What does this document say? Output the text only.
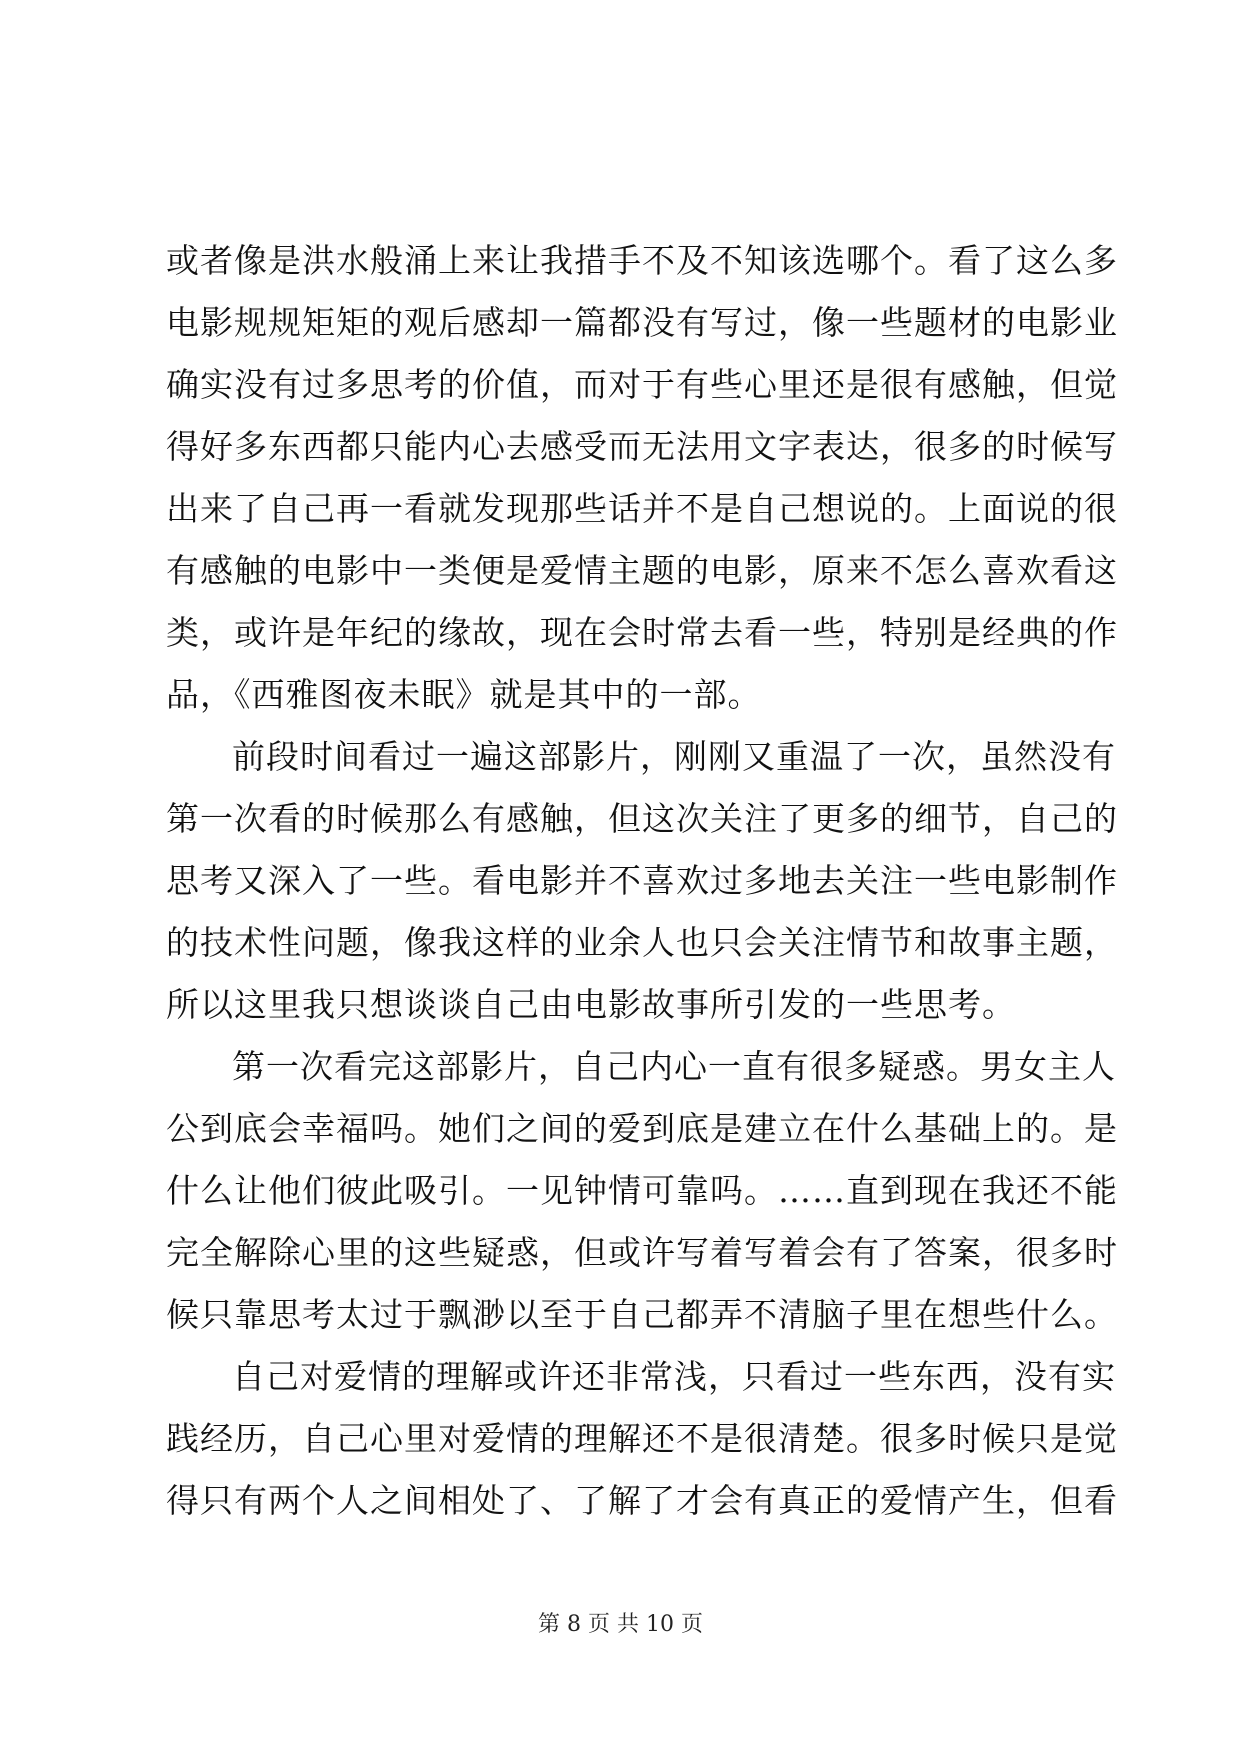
或者像是洪水般涌上来让我措手不及不知该选哪个。看了这么多
电影规规矩矩的观后感却一篇都没有写过，像一些题材的电影业
确实没有过多思考的价值，而对于有些心里还是很有感触，但觉
得好多东西都只能内心去感受而无法用文字表达，很多的时候写
出来了自己再一看就发现那些话并不是自己想说的。上面说的很
有感触的电影中一类便是爱情主题的电影，原来不怎么喜欢看这
类，或许是年纪的缘故，现在会时常去看一些，特别是经典的作
品，《西雅图夜未眠》就是其中的一部。
前段时间看过一遍这部影片，刚刚又重温了一次，虽然没有
第一次看的时候那么有感触，但这次关注了更多的细节，自己的
思考又深入了一些。看电影并不喜欢过多地去关注一些电影制作
的技术性问题，像我这样的业余人也只会关注情节和故事主题，
所以这里我只想谈谈自己由电影故事所引发的一些思考。
第一次看完这部影片，自己内心一直有很多疑惑。男女主人
公到底会幸福吗。她们之间的爱到底是建立在什么基础上的。是
什么让他们彼此吸引。一见钟情可靠吗。……直到现在我还不能
完全解除心里的这些疑惑，但或许写着写着会有了答案，很多时
候只靠思考太过于飘渺以至于自己都弄不清脑子里在想些什么。
自己对爱情的理解或许还非常浅，只看过一些东西，没有实
践经历，自己心里对爱情的理解还不是很清楚。很多时候只是觉
得只有两个人之间相处了、了解了才会有真正的爱情产生，但看
第 8 页 共 10 页
